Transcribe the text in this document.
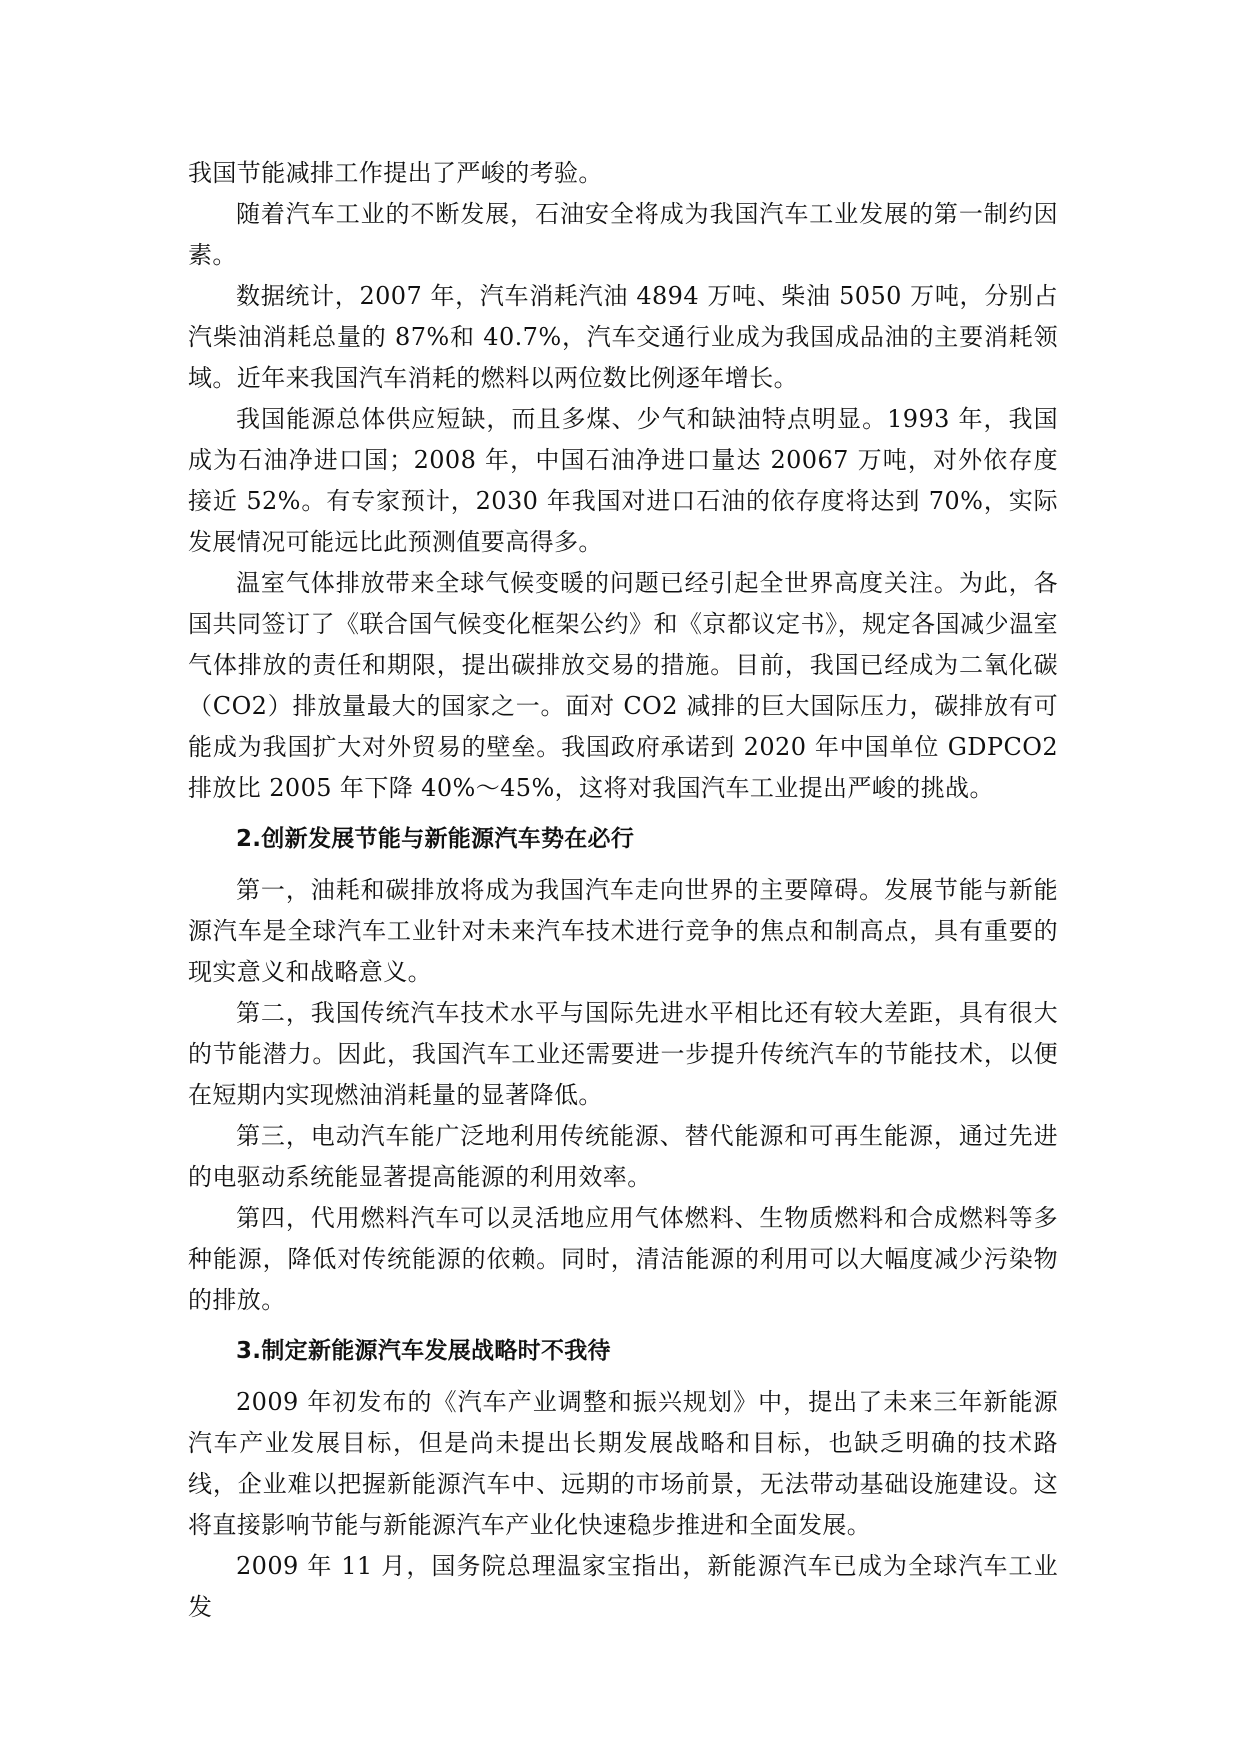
我国节能减排工作提出了严峻的考验。

随着汽车工业的不断发展，石油安全将成为我国汽车工业发展的第一制约因素。

数据统计，2007 年，汽车消耗汽油 4894 万吨、柴油 5050 万吨，分别占汽柴油消耗总量的 87%和 40.7%，汽车交通行业成为我国成品油的主要消耗领域。近年来我国汽车消耗的燃料以两位数比例逐年增长。

我国能源总体供应短缺，而且多煤、少气和缺油特点明显。1993 年，我国成为石油净进口国；2008 年，中国石油净进口量达 20067 万吨，对外依存度接近 52%。有专家预计，2030 年我国对进口石油的依存度将达到 70%，实际发展情况可能远比此预测值要高得多。

温室气体排放带来全球气候变暖的问题已经引起全世界高度关注。为此，各国共同签订了《联合国气候变化框架公约》和《京都议定书》，规定各国减少温室气体排放的责任和期限，提出碳排放交易的措施。目前，我国已经成为二氧化碳（CO2）排放量最大的国家之一。面对 CO2 减排的巨大国际压力，碳排放有可能成为我国扩大对外贸易的壁垒。我国政府承诺到 2020 年中国单位 GDPCO2 排放比 2005 年下降 40%～45%，这将对我国汽车工业提出严峻的挑战。

2.创新发展节能与新能源汽车势在必行

第一，油耗和碳排放将成为我国汽车走向世界的主要障碍。发展节能与新能源汽车是全球汽车工业针对未来汽车技术进行竞争的焦点和制高点，具有重要的现实意义和战略意义。

第二，我国传统汽车技术水平与国际先进水平相比还有较大差距，具有很大的节能潜力。因此，我国汽车工业还需要进一步提升传统汽车的节能技术，以便在短期内实现燃油消耗量的显著降低。

第三，电动汽车能广泛地利用传统能源、替代能源和可再生能源，通过先进的电驱动系统能显著提高能源的利用效率。

第四，代用燃料汽车可以灵活地应用气体燃料、生物质燃料和合成燃料等多种能源，降低对传统能源的依赖。同时，清洁能源的利用可以大幅度减少污染物的排放。

3.制定新能源汽车发展战略时不我待

2009 年初发布的《汽车产业调整和振兴规划》中，提出了未来三年新能源汽车产业发展目标，但是尚未提出长期发展战略和目标，也缺乏明确的技术路线，企业难以把握新能源汽车中、远期的市场前景，无法带动基础设施建设。这将直接影响节能与新能源汽车产业化快速稳步推进和全面发展。

2009 年 11 月，国务院总理温家宝指出，新能源汽车已成为全球汽车工业发
